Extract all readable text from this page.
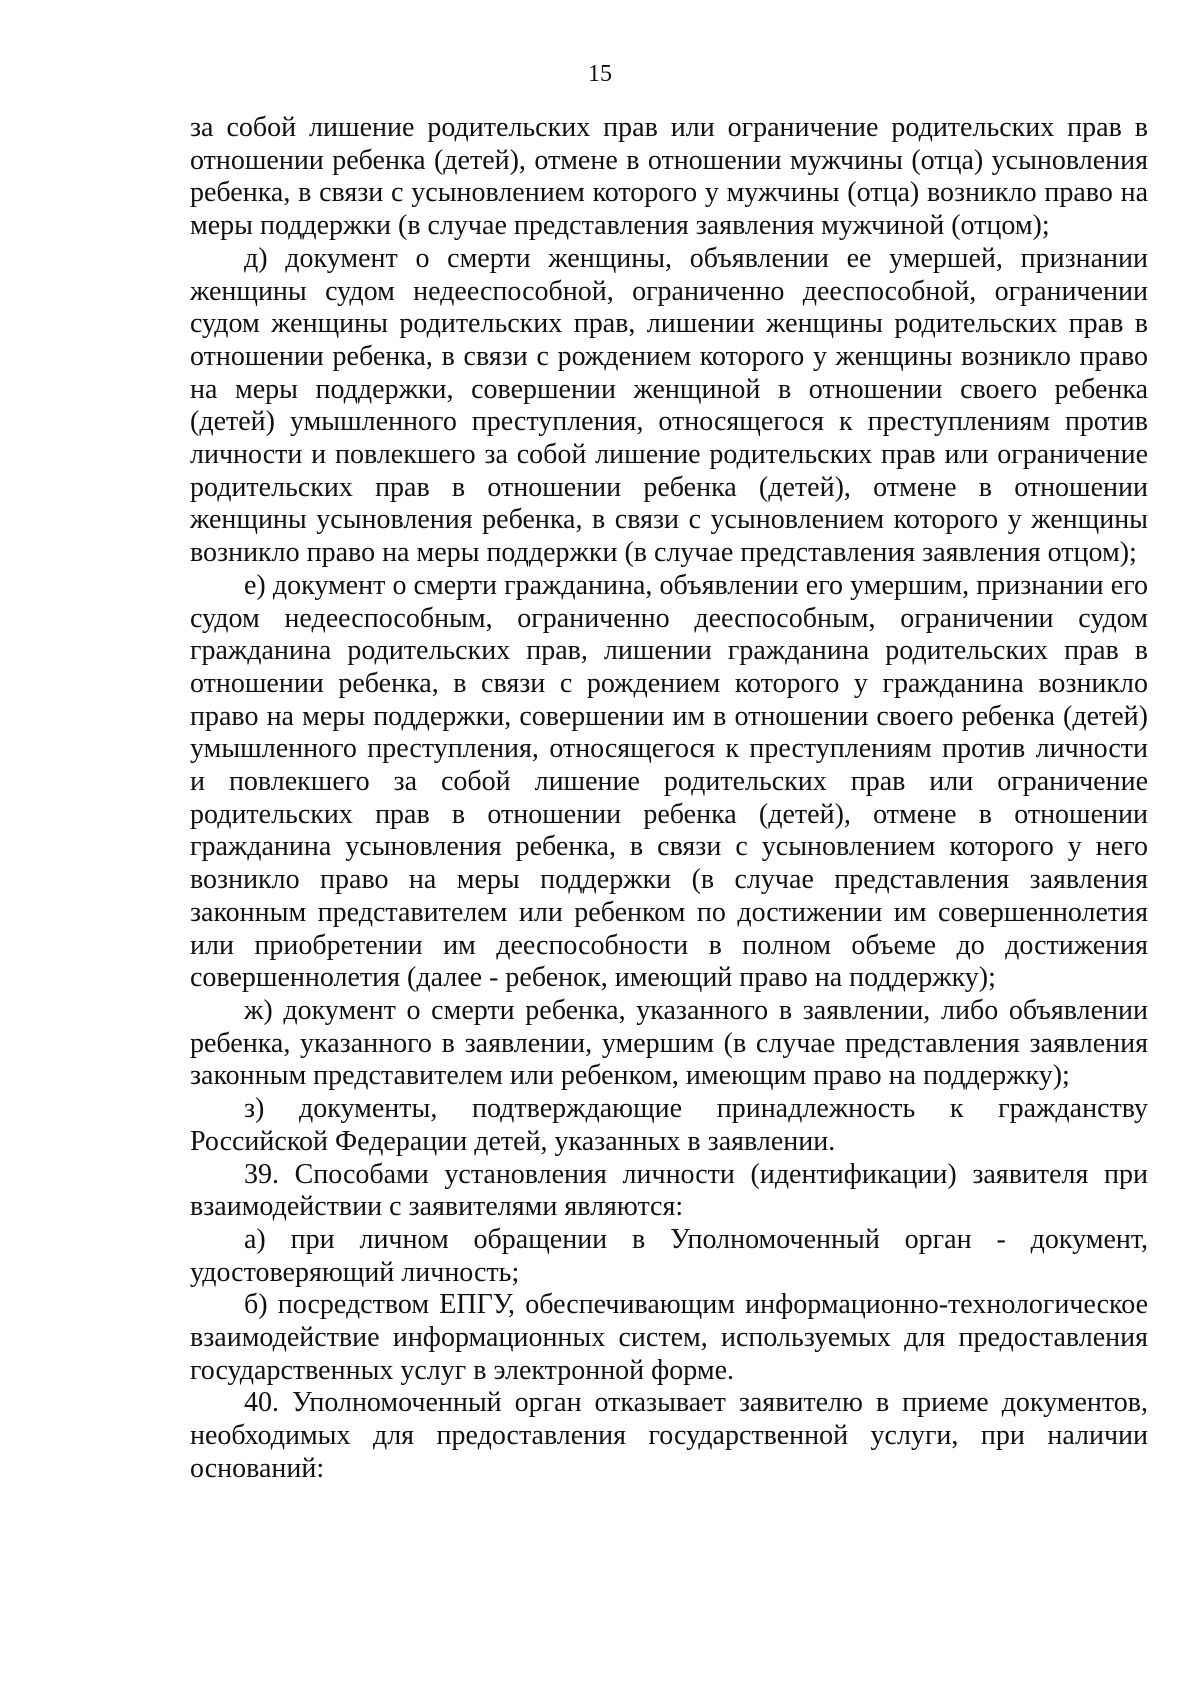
15

за собой лишение родительских прав или ограничение родительских прав в отношении ребенка (детей), отмене в отношении мужчины (отца) усыновления ребенка, в связи с усыновлением которого у мужчины (отца) возникло право на меры поддержки (в случае представления заявления мужчиной (отцом);

д) документ о смерти женщины, объявлении ее умершей, признании женщины судом недееспособной, ограниченно дееспособной, ограничении судом женщины родительских прав, лишении женщины родительских прав в отношении ребенка, в связи с рождением которого у женщины возникло право на меры поддержки, совершении женщиной в отношении своего ребенка (детей) умышленного преступления, относящегося к преступлениям против личности и повлекшего за собой лишение родительских прав или ограничение родительских прав в отношении ребенка (детей), отмене в отношении женщины усыновления ребенка, в связи с усыновлением которого у женщины возникло право на меры поддержки (в случае представления заявления отцом);

е) документ о смерти гражданина, объявлении его умершим, признании его судом недееспособным, ограниченно дееспособным, ограничении судом гражданина родительских прав, лишении гражданина родительских прав в отношении ребенка, в связи с рождением которого у гражданина возникло право на меры поддержки, совершении им в отношении своего ребенка (детей) умышленного преступления, относящегося к преступлениям против личности и повлекшего за собой лишение родительских прав или ограничение родительских прав в отношении ребенка (детей), отмене в отношении гражданина усыновления ребенка, в связи с усыновлением которого у него возникло право на меры поддержки (в случае представления заявления законным представителем или ребенком по достижении им совершеннолетия или приобретении им дееспособности в полном объеме до достижения совершеннолетия (далее - ребенок, имеющий право на поддержку);

ж) документ о смерти ребенка, указанного в заявлении, либо объявлении ребенка, указанного в заявлении, умершим (в случае представления заявления законным представителем или ребенком, имеющим право на поддержку);

з) документы, подтверждающие принадлежность к гражданству Российской Федерации детей, указанных в заявлении.

39. Способами установления личности (идентификации) заявителя при взаимодействии с заявителями являются:

а) при личном обращении в Уполномоченный орган - документ, удостоверяющий личность;

б) посредством ЕПГУ, обеспечивающим информационно-технологическое взаимодействие информационных систем, используемых для предоставления государственных услуг в электронной форме.

40. Уполномоченный орган отказывает заявителю в приеме документов, необходимых для предоставления государственной услуги, при наличии оснований:
